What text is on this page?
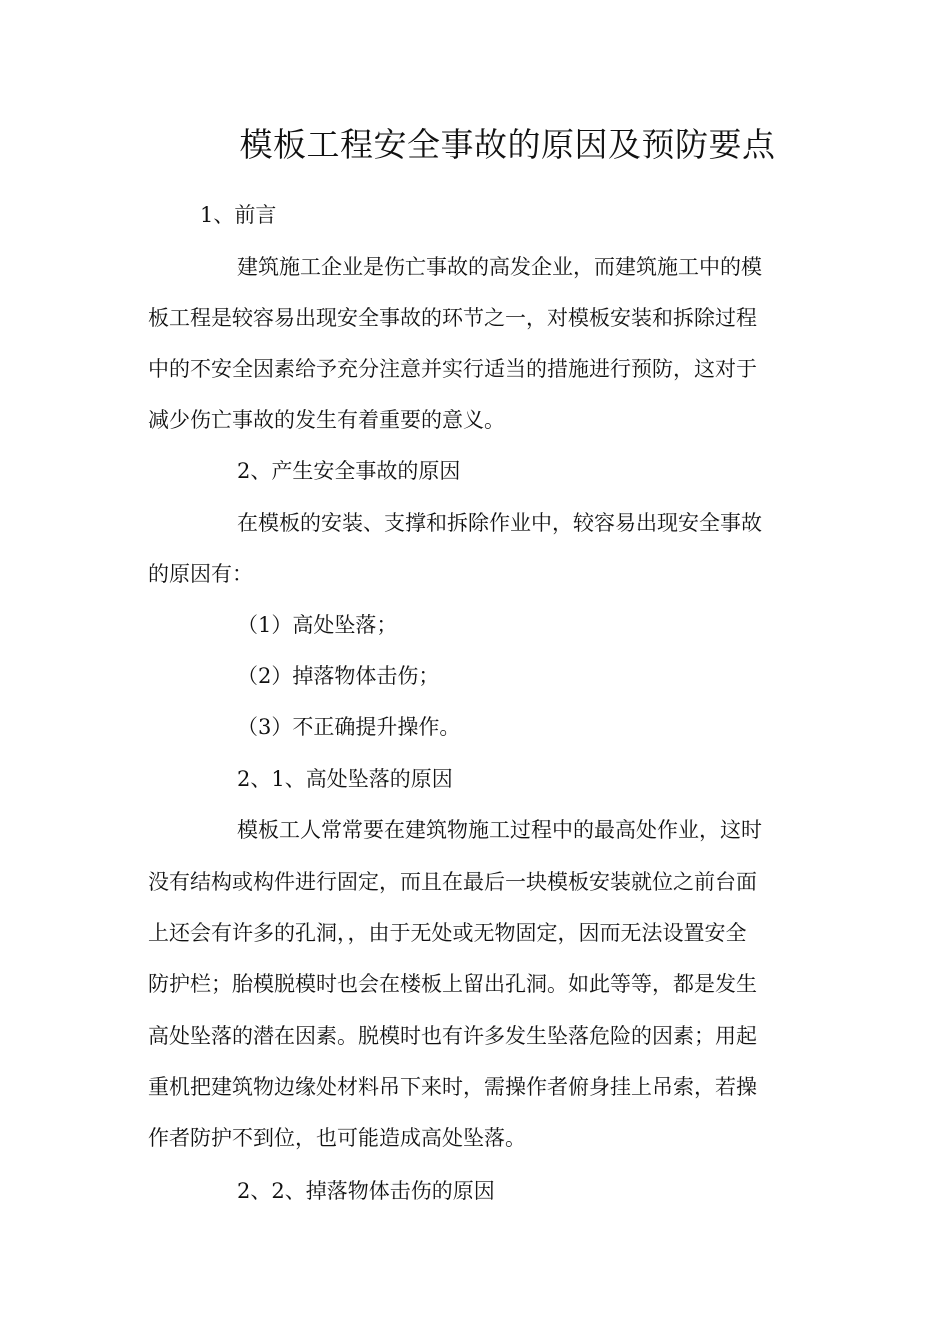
模板工程安全事故的原因及预防要点
1、前言
建筑施工企业是伤亡事故的高发企业，而建筑施工中的模
板工程是较容易出现安全事故的环节之一，对模板安装和拆除过程
中的不安全因素给予充分注意并实行适当的措施进行预防，这对于
减少伤亡事故的发生有着重要的意义。
2、产生安全事故的原因
在模板的安装、支撑和拆除作业中，较容易出现安全事故
的原因有：
（1）高处坠落；
（2）掉落物体击伤；
（3）不正确提升操作。
2、1、高处坠落的原因
模板工人常常要在建筑物施工过程中的最高处作业，这时
没有结构或构件进行固定，而且在最后一块模板安装就位之前台面
上还会有许多的孔洞，，由于无处或无物固定，因而无法设置安全
防护栏；胎模脱模时也会在楼板上留出孔洞。如此等等，都是发生
高处坠落的潜在因素。脱模时也有许多发生坠落危险的因素；用起
重机把建筑物边缘处材料吊下来时，需操作者俯身挂上吊索，若操
作者防护不到位，也可能造成高处坠落。
2、2、掉落物体击伤的原因
